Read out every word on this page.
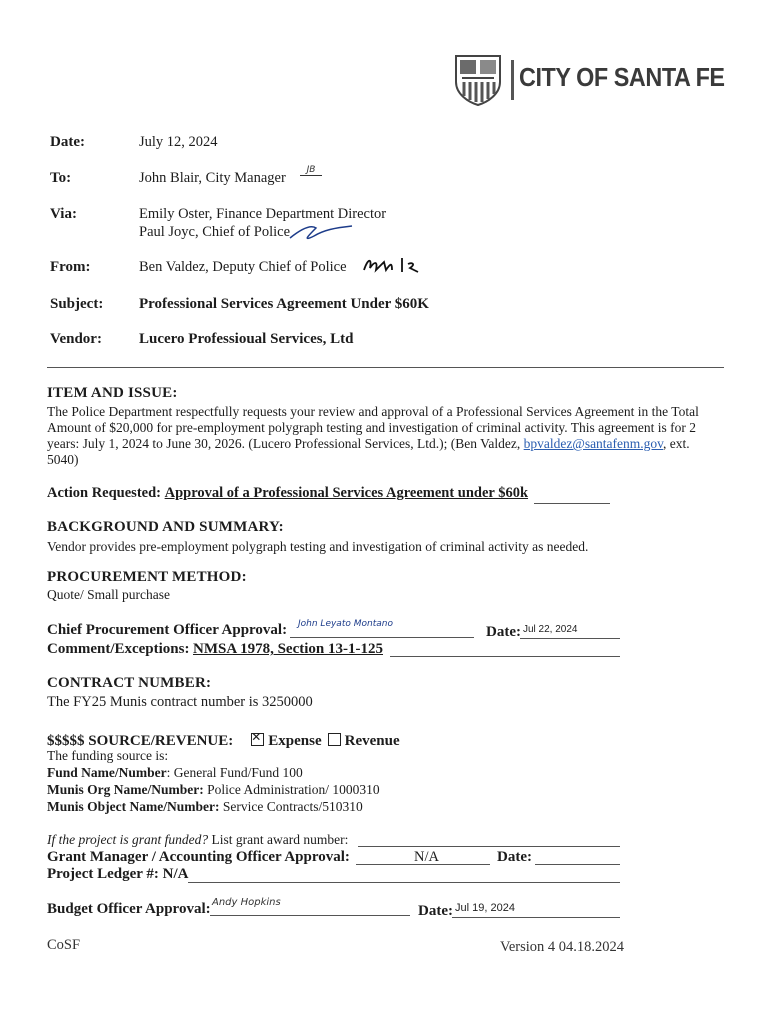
CITY OF SANTA FE
Date:	July 12, 2024
To:	John Blair, City Manager	JB
Via:	Emily Oster, Finance Department Director
Paul Joyc, Chief of Police
From:	Ben Valdez, Deputy Chief of Police
Subject: Professional Services Agreement Under $60K
Vendor: Lucero Professioual Services, Ltd
ITEM AND ISSUE:
The Police Department respectfully requests your review and approval of a Professional Services Agreement in the Total Amount of $20,000 for pre-employment polygraph testing and investigation of criminal activity. This agreement is for 2 years: July 1, 2024 to June 30, 2026. (Lucero Professional Services, Ltd.); (Ben Valdez, bpvaldez@santafenm.gov, ext. 5040)
Action Requested: Approval of a Professional Services Agreement under $60k
BACKGROUND AND SUMMARY:
Vendor provides pre-employment polygraph testing and investigation of criminal activity as needed.
PROCUREMENT METHOD:
Quote/ Small purchase
Chief Procurement Officer Approval: John Leyato Montano	Date: Jul 22, 2024
Comment/Exceptions: NMSA 1978, Section 13-1-125
CONTRACT NUMBER:
The FY25 Munis contract number is 3250000
$$$$$ SOURCE/REVENUE: ✕ Expense Revenue
The funding source is:
Fund Name/Number: General Fund/Fund 100
Munis Org Name/Number: Police Administration/ 1000310
Munis Object Name/Number: Service Contracts/510310
If the project is grant funded? List grant award number:
Grant Manager / Accounting Officer Approval:	N/A	Date:
Project Ledger #: N/A
Budget Officer Approval: Andy Hopkins
Date: Jul 19, 2024
CoSF	Version 4 04.18.2024
